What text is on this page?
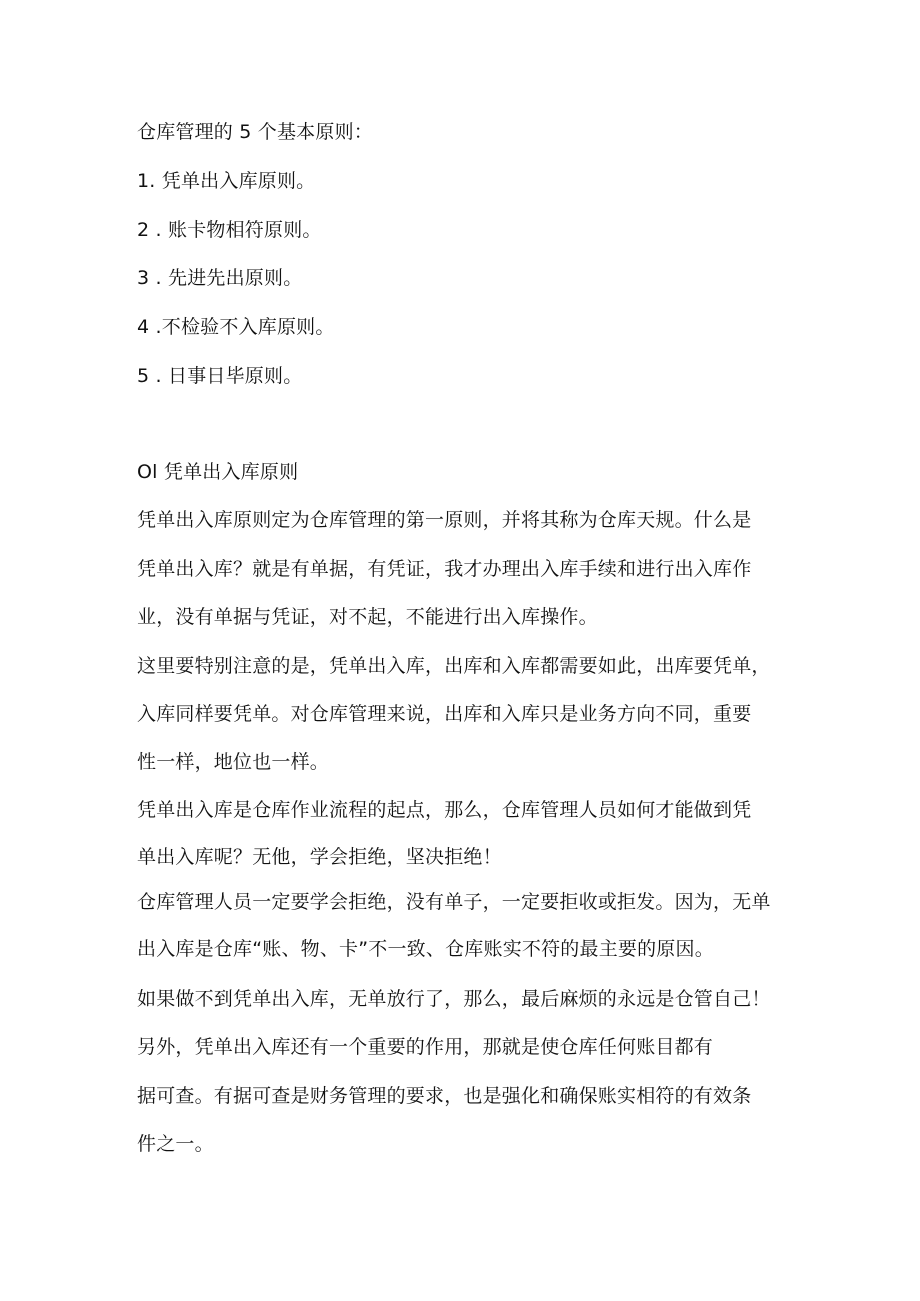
仓库管理的 5 个基本原则：
1. 凭单出入库原则。
2 . 账卡物相符原则。
3 . 先进先出原则。
4 .不检验不入库原则。
5 . 日事日毕原则。
Ol 凭单出入库原则
凭单出入库原则定为仓库管理的第一原则，并将其称为仓库天规。什么是
凭单出入库？就是有单据，有凭证，我才办理出入库手续和进行出入库作
业，没有单据与凭证，对不起，不能进行出入库操作。
这里要特别注意的是，凭单出入库，出库和入库都需要如此，出库要凭单，
入库同样要凭单。对仓库管理来说，出库和入库只是业务方向不同，重要
性一样，地位也一样。
凭单出入库是仓库作业流程的起点，那么，仓库管理人员如何才能做到凭
单出入库呢？无他，学会拒绝，坚决拒绝！
仓库管理人员一定要学会拒绝，没有单子，一定要拒收或拒发。因为，无单
出入库是仓库“账、物、卡”不一致、仓库账实不符的最主要的原因。
如果做不到凭单出入库，无单放行了，那么，最后麻烦的永远是仓管自己！
另外，凭单出入库还有一个重要的作用，那就是使仓库任何账目都有
据可查。有据可查是财务管理的要求，也是强化和确保账实相符的有效条
件之一。
